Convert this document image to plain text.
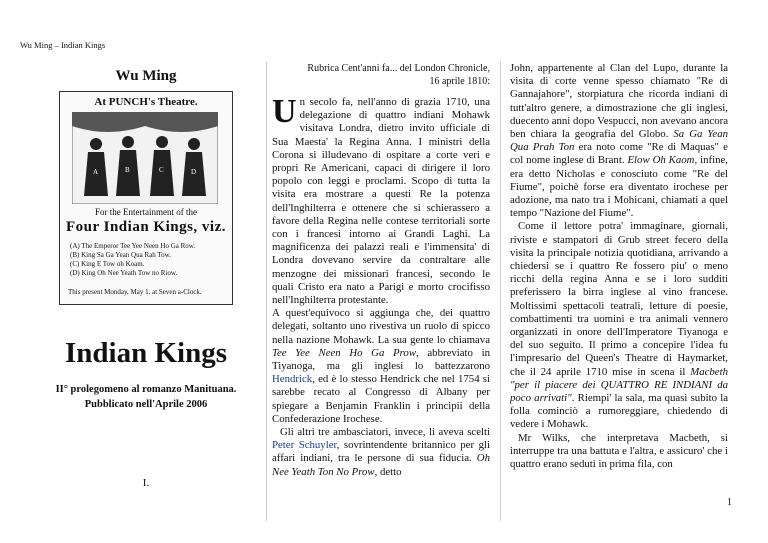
Wu Ming – Indian Kings
Wu Ming
At PUNCH's Theatre.
A	B	C	D
For the Entertainment of the
Four Indian Kings, viz.
(A) The Emperor Tee Yee Neen Ho Ga Row.
(B) King Sa Ga Yean Qua Rah Tow.
(C) King E Tow oh Koam.
(D) King Oh Nee Yeath Tow no Riow.
This present Monday, May 1. at Seven a-Clock.
Indian Kings
II° prolegomeno al romanzo Manituana.
Pubblicato nell'Aprile 2006
I.
Rubrica Cent'anni fa... del London Chronicle,
16 aprile 1810:

Un secolo fa, nell'anno di grazia 1710, una delegazione di quattro indiani Mohawk visitava Londra, dietro invito ufficiale di Sua Maesta' la Regina Anna. I ministri della Corona si illudevano di ospitare a corte veri e propri Re Americani, capaci di dirigere il loro popolo con leggi e proclami. Scopo di tutta la visita era mostrare a questi Re la potenza dell'Inghilterra e ottenere che si schierassero a favore della Regina nelle contese territoriali sorte con i francesi intorno ai Grandi Laghi. La magnificenza dei palazzi reali e l'immensita' di Londra dovevano servire da contraltare alle menzogne dei missionari francesi, secondo le quali Cristo era nato a Parigi e morto crocifisso nell'Inghilterra protestante.

A quest'equivoco si aggiunga che, dei quattro delegati, soltanto uno rivestiva un ruolo di spicco nella nazione Mohawk. La sua gente lo chiamava Tee Yee Neen Ho Ga Prow, abbreviato in Tiyanoga, ma gli inglesi lo battezzarono Hendrick, ed è lo stesso Hendrick che nel 1754 si sarebbe recato al Congresso di Albany per spiegare a Benjamin Franklin i principii della Confederazione Irochese.

Gli altri tre ambasciatori, invece, li aveva scelti Peter Schuyler, sovrintendente britannico per gli affari indiani, tra le persone di sua fiducia. Oh Nee Yeath Ton No Prow, detto

John, appartenente al Clan del Lupo, durante la visita di corte venne spesso chiamato "Re di Gannajahore", storpiatura che ricorda indiani di tutt'altro genere, a dimostrazione che gli inglesi, duecento anni dopo Vespucci, non avevano ancora ben chiara la geografia del Globo. Sa Ga Yean Qua Prah Ton era noto come "Re di Maquas" e col nome inglese di Brant. Elow Oh Kaom, infine, era detto Nicholas e conosciuto come "Re del Fiume", poichè forse era diventato irochese per adozione, ma nato tra i Mohicani, chiamati a quel tempo "Nazione del Fiume".

Come il lettore potra' immaginare, giornali, riviste e stampatori di Grub street fecero della visita la principale notizia quotidiana, arrivando a chiedersi se i quattro Re fossero piu' o meno ricchi della regina Anna e se i loro sudditi preferissero la birra inglese al vino francese. Moltissimi spettacoli teatrali, letture di poesie, combattimenti tra uomini e tra animali vennero organizzati in onore dell'Imperatore Tiyanoga e del suo seguito. Il primo a concepire l'idea fu l'impresario del Queen's Theatre di Haymarket, che il 24 aprile 1710 mise in scena il Macbeth "per il piacere dei QUATTRO RE INDIANI da poco arrivati". Riempi' la sala, ma quasi subito la folla cominciò a rumoreggiare, chiedendo di vedere i Mohawk.

Mr Wilks, che interpretava Macbeth, si interruppe tra una battuta e l'altra, e assicuro' che i quattro erano seduti in prima fila, con

1
